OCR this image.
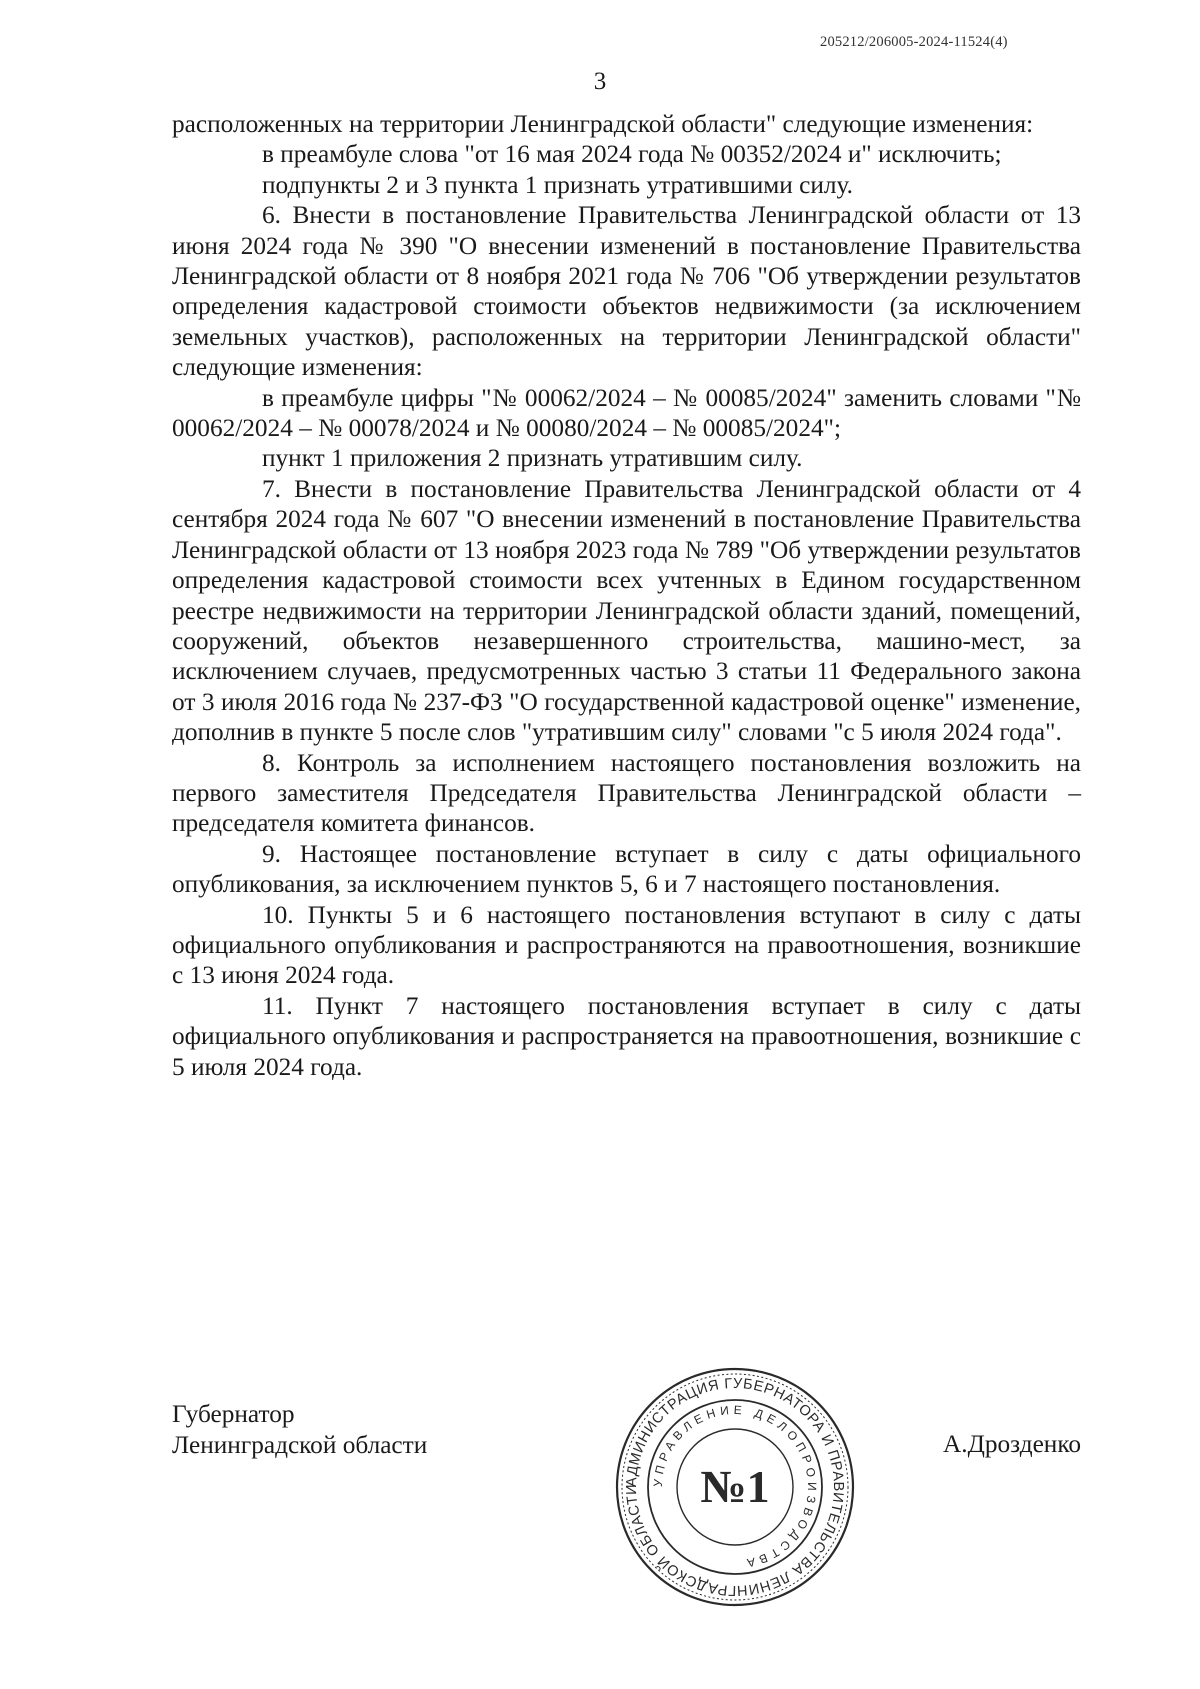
205212/206005-2024-11524(4)
3

расположенных на территории Ленинградской области" следующие изменения:

в преамбуле слова "от 16 мая 2024 года № 00352/2024 и" исключить;

подпункты 2 и 3 пункта 1 признать утратившими силу.

6. Внести в постановление Правительства Ленинградской области от 13 июня 2024 года № 390 "О внесении изменений в постановление Правительства Ленинградской области от 8 ноября 2021 года № 706 "Об утверждении результатов определения кадастровой стоимости объектов недвижимости (за исключением земельных участков), расположенных на территории Ленинградской области" следующие изменения:

в преамбуле цифры "№ 00062/2024 – № 00085/2024" заменить словами "№ 00062/2024 – № 00078/2024 и № 00080/2024 – № 00085/2024";

пункт 1 приложения 2 признать утратившим силу.

7. Внести в постановление Правительства Ленинградской области от 4 сентября 2024 года № 607 "О внесении изменений в постановление Правительства Ленинградской области от 13 ноября 2023 года № 789 "Об утверждении результатов определения кадастровой стоимости всех учтенных в Едином государственном реестре недвижимости на территории Ленинградской области зданий, помещений, сооружений, объектов незавершенного строительства, машино-мест, за исключением случаев, предусмотренных частью 3 статьи 11 Федерального закона от 3 июля 2016 года № 237-ФЗ "О государственной кадастровой оценке" изменение, дополнив в пункте 5 после слов "утратившим силу" словами "с 5 июля 2024 года".

8. Контроль за исполнением настоящего постановления возложить на первого заместителя Председателя Правительства Ленинградской области – председателя комитета финансов.

9. Настоящее постановление вступает в силу с даты официального опубликования, за исключением пунктов 5, 6 и 7 настоящего постановления.

10. Пункты 5 и 6 настоящего постановления вступают в силу с даты официального опубликования и распространяются на правоотношения, возникшие с 13 июня 2024 года.

11. Пункт 7 настоящего постановления вступает в силу с даты официального опубликования и распространяется на правоотношения, возникшие с 5 июля 2024 года.

Губернатор
Ленинградской области
АДМИНИСТРАЦИЯ ГУБЕРНАТОРА И ПРАВИТЕЛЬСТВА ЛЕНИНГРАДСКОЙ ОБЛАСТИ
УПРАВЛЕНИЕ ДЕЛОПРОИЗВОДСТВА
№1
А.Дрозденко
